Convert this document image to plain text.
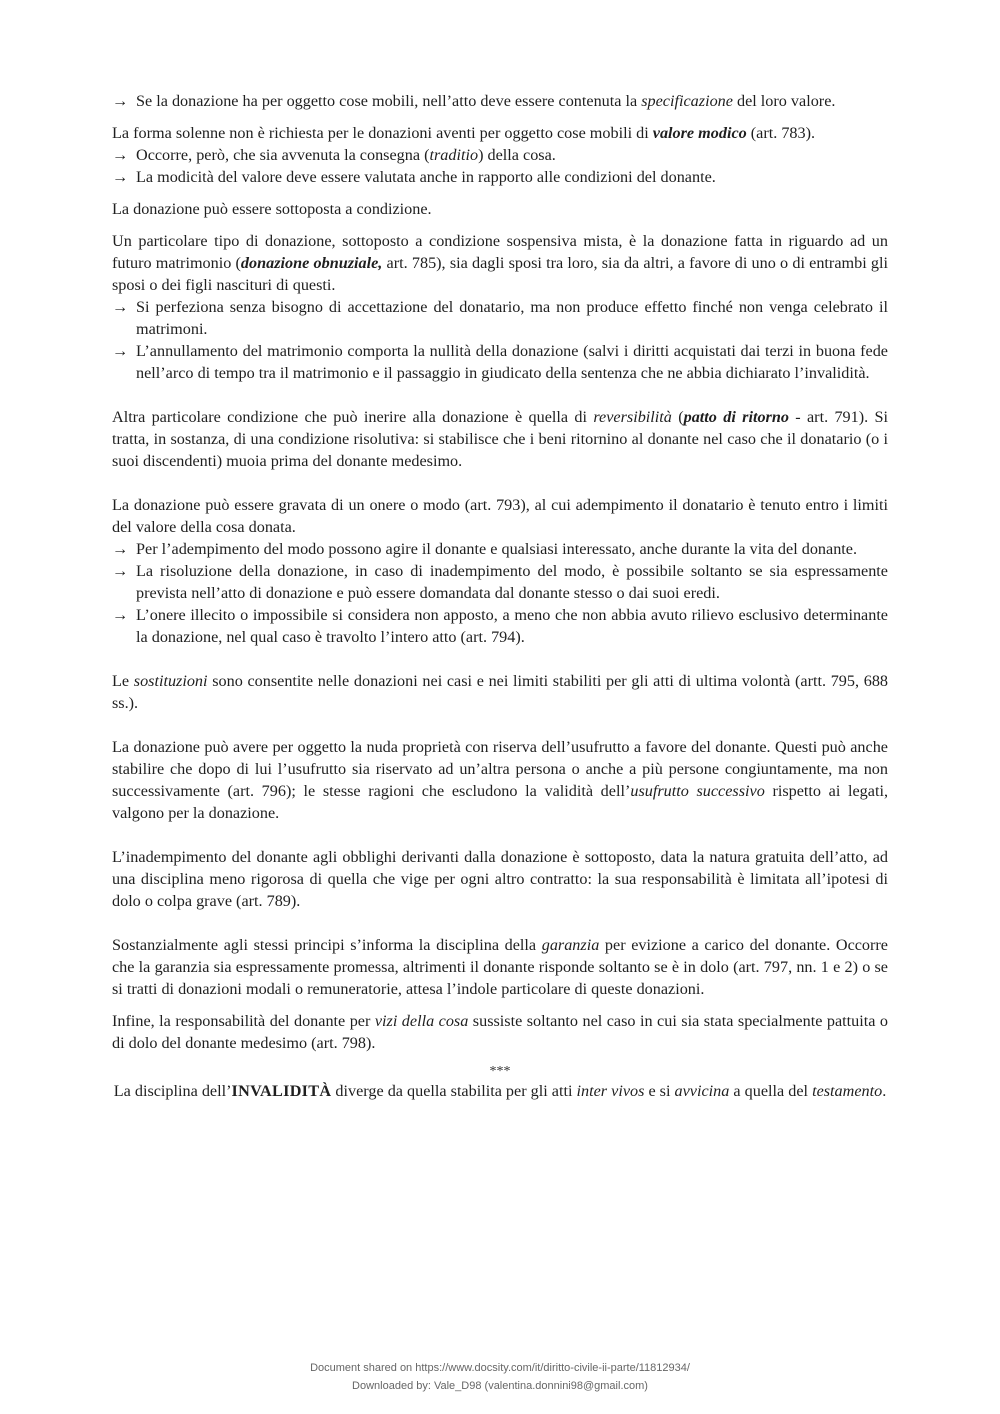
→ Se la donazione ha per oggetto cose mobili, nell’atto deve essere contenuta la specificazione del loro valore.

La forma solenne non è richiesta per le donazioni aventi per oggetto cose mobili di valore modico (art. 783).

→ Occorre, però, che sia avvenuta la consegna (traditio) della cosa.

→ La modicità del valore deve essere valutata anche in rapporto alle condizioni del donante.

La donazione può essere sottoposta a condizione.

Un particolare tipo di donazione, sottoposto a condizione sospensiva mista, è la donazione fatta in riguardo ad un futuro matrimonio (donazione obnuziale, art. 785), sia dagli sposi tra loro, sia da altri, a favore di uno o di entrambi gli sposi o dei figli nascituri di questi.

→ Si perfeziona senza bisogno di accettazione del donatario, ma non produce effetto finché non venga celebrato il matrimoni.

→ L’annullamento del matrimonio comporta la nullità della donazione (salvi i diritti acquistati dai terzi in buona fede nell’arco di tempo tra il matrimonio e il passaggio in giudicato della sentenza che ne abbia dichiarato l’invalidità.

Altra particolare condizione che può inerire alla donazione è quella di reversibilità (patto di ritorno - art. 791). Si tratta, in sostanza, di una condizione risolutiva: si stabilisce che i beni ritornino al donante nel caso che il donatario (o i suoi discendenti) muoia prima del donante medesimo.

La donazione può essere gravata di un onere o modo (art. 793), al cui adempimento il donatario è tenuto entro i limiti del valore della cosa donata.

→ Per l’adempimento del modo possono agire il donante e qualsiasi interessato, anche durante la vita del donante.

→ La risoluzione della donazione, in caso di inadempimento del modo, è possibile soltanto se sia espressamente prevista nell’atto di donazione e può essere domandata dal donante stesso o dai suoi eredi.

→ L’onere illecito o impossibile si considera non apposto, a meno che non abbia avuto rilievo esclusivo determinante la donazione, nel qual caso è travolto l’intero atto (art. 794).

Le sostituzioni sono consentite nelle donazioni nei casi e nei limiti stabiliti per gli atti di ultima volontà (artt. 795, 688 ss.).

La donazione può avere per oggetto la nuda proprietà con riserva dell’usufrutto a favore del donante. Questi può anche stabilire che dopo di lui l’usufrutto sia riservato ad un’altra persona o anche a più persone congiuntamente, ma non successivamente (art. 796); le stesse ragioni che escludono la validità dell’usufrutto successivo rispetto ai legati, valgono per la donazione.

L’inadempimento del donante agli obblighi derivanti dalla donazione è sottoposto, data la natura gratuita dell’atto, ad una disciplina meno rigorosa di quella che vige per ogni altro contratto: la sua responsabilità è limitata all’ipotesi di dolo o colpa grave (art. 789).

Sostanzialmente agli stessi principi s’informa la disciplina della garanzia per evizione a carico del donante. Occorre che la garanzia sia espressamente promessa, altrimenti il donante risponde soltanto se è in dolo (art. 797, nn. 1 e 2) o se si tratti di donazioni modali o remuneratorie, attesa l’indole particolare di queste donazioni.

Infine, la responsabilità del donante per vizi della cosa sussiste soltanto nel caso in cui sia stata specialmente pattuita o di dolo del donante medesimo (art. 798).

***

La disciplina dell’INVALIDITÀ diverge da quella stabilita per gli atti inter vivos e si avvicina a quella del testamento.

Document shared on https://www.docsity.com/it/diritto-civile-ii-parte/11812934/
Downloaded by: Vale_D98 (valentina.donnini98@gmail.com)
